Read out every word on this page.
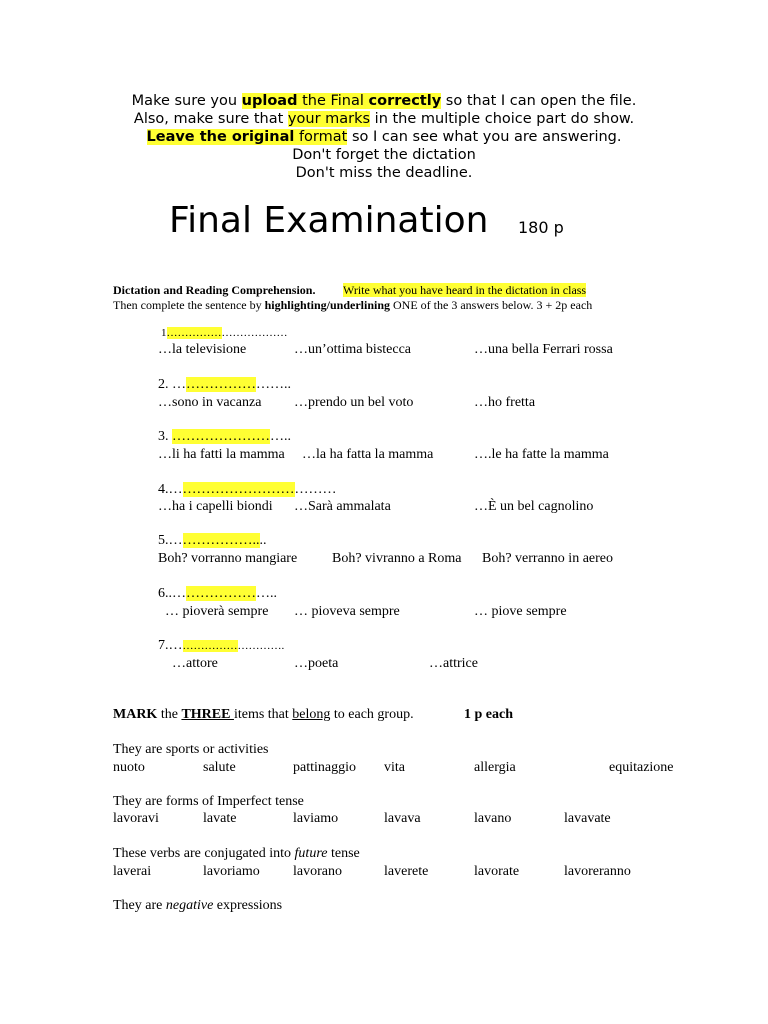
Make sure you upload the Final correctly so that I can open the file.
Also, make sure that your marks in the multiple choice part do show.
Leave the original format so I can see what you are answering.
Don't forget the dictation
Don't miss the deadline.
Final Examination 180 p
Dictation and Reading Comprehension. Write what you have heard in the dictation in class
Then complete the sentence by highlighting/underlining ONE of the 3 answers below. 3 + 2p each
1……………………………
…la televisione	…un’ottima bistecca	…una bella Ferrari rossa
2. ……………………..
…sono in vacanza …prendo un bel voto	…ho fretta
3. ……………………..
…li ha fatti la mamma …la ha fatta la mamma	….le ha fatte la mamma
4.………………………………
…ha i capelli biondi …Sarà ammalata	…È un bel cagnolino
5.………………....
Boh? vorranno mangiare Boh? vivranno a Roma Boh? verranno in aereo
6..…………………..
… pioverà sempre … pioveva sempre	… piove sempre
7.………………………….
…attore	…poeta	…attrice
MARK the THREE items that belong to each group.	1 p each
They are sports or activities
nuoto	salute	pattinaggio vita	allergia	equitazione
They are forms of Imperfect tense
lavoravi	lavate	laviamo	lavava	lavano	lavavate
These verbs are conjugated into future tense
laverai	lavoriamo lavorano	laverete	lavorate	lavoreranno
They are negative expressions
